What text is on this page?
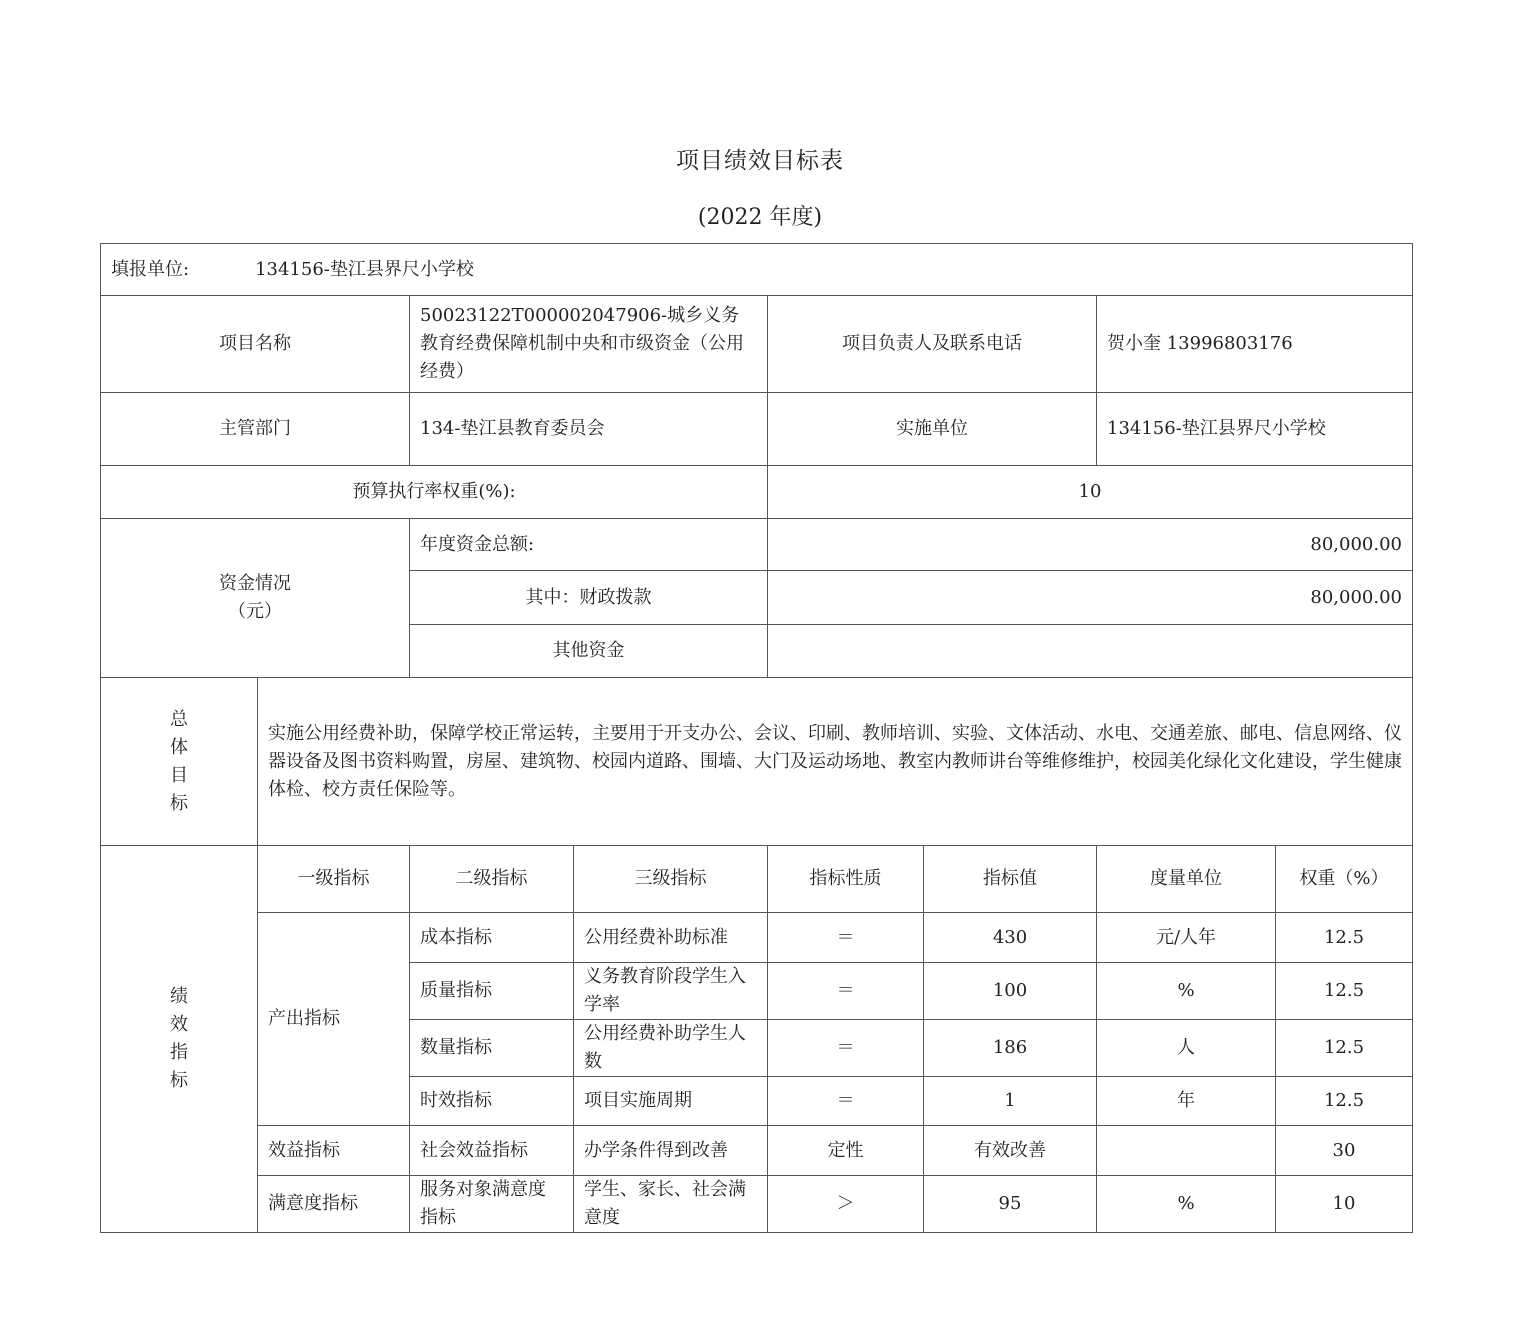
项目绩效目标表
(2022 年度)
填报单位: 134156-垫江县界尺小学校							
项目名称		50023122T000002047906-城乡义务教育经费保障机制中央和市级资金（公用经费）		项目负责人及联系电话		贺小奎 13996803176	
主管部门		134-垫江县教育委员会		实施单位		134156-垫江县界尺小学校	
预算执行率权重(%):				10			

资金情况
（元）		年度资金总额:		80,000.00			
		其中：财政拨款		80,000.00			
		其他资金					

总
体
目
标	实施公用经费补助，保障学校正常运转，主要用于开支办公、会议、印刷、教师培训、实验、文体活动、水电、交通差旅、邮电、信息网络、仪器设备及图书资料购置，房屋、建筑物、校园内道路、围墙、大门及运动场地、教室内教师讲台等维修维护，校园美化绿化文化建设，学生健康体检、校方责任保险等。						

绩
效
指
标	一级指标	二级指标	三级指标	指标性质	指标值	度量单位	权重（%）
	产出指标	成本指标	公用经费补助标准	＝	430	元/人年	12.5
		质量指标	义务教育阶段学生入学率	＝	100	%	12.5
		数量指标	公用经费补助学生人数	＝	186	人	12.5
		时效指标	项目实施周期	＝	1	年	12.5
	效益指标	社会效益指标	办学条件得到改善	定性	有效改善		30
	满意度指标	服务对象满意度指标	学生、家长、社会满意度	＞	95	%	10
